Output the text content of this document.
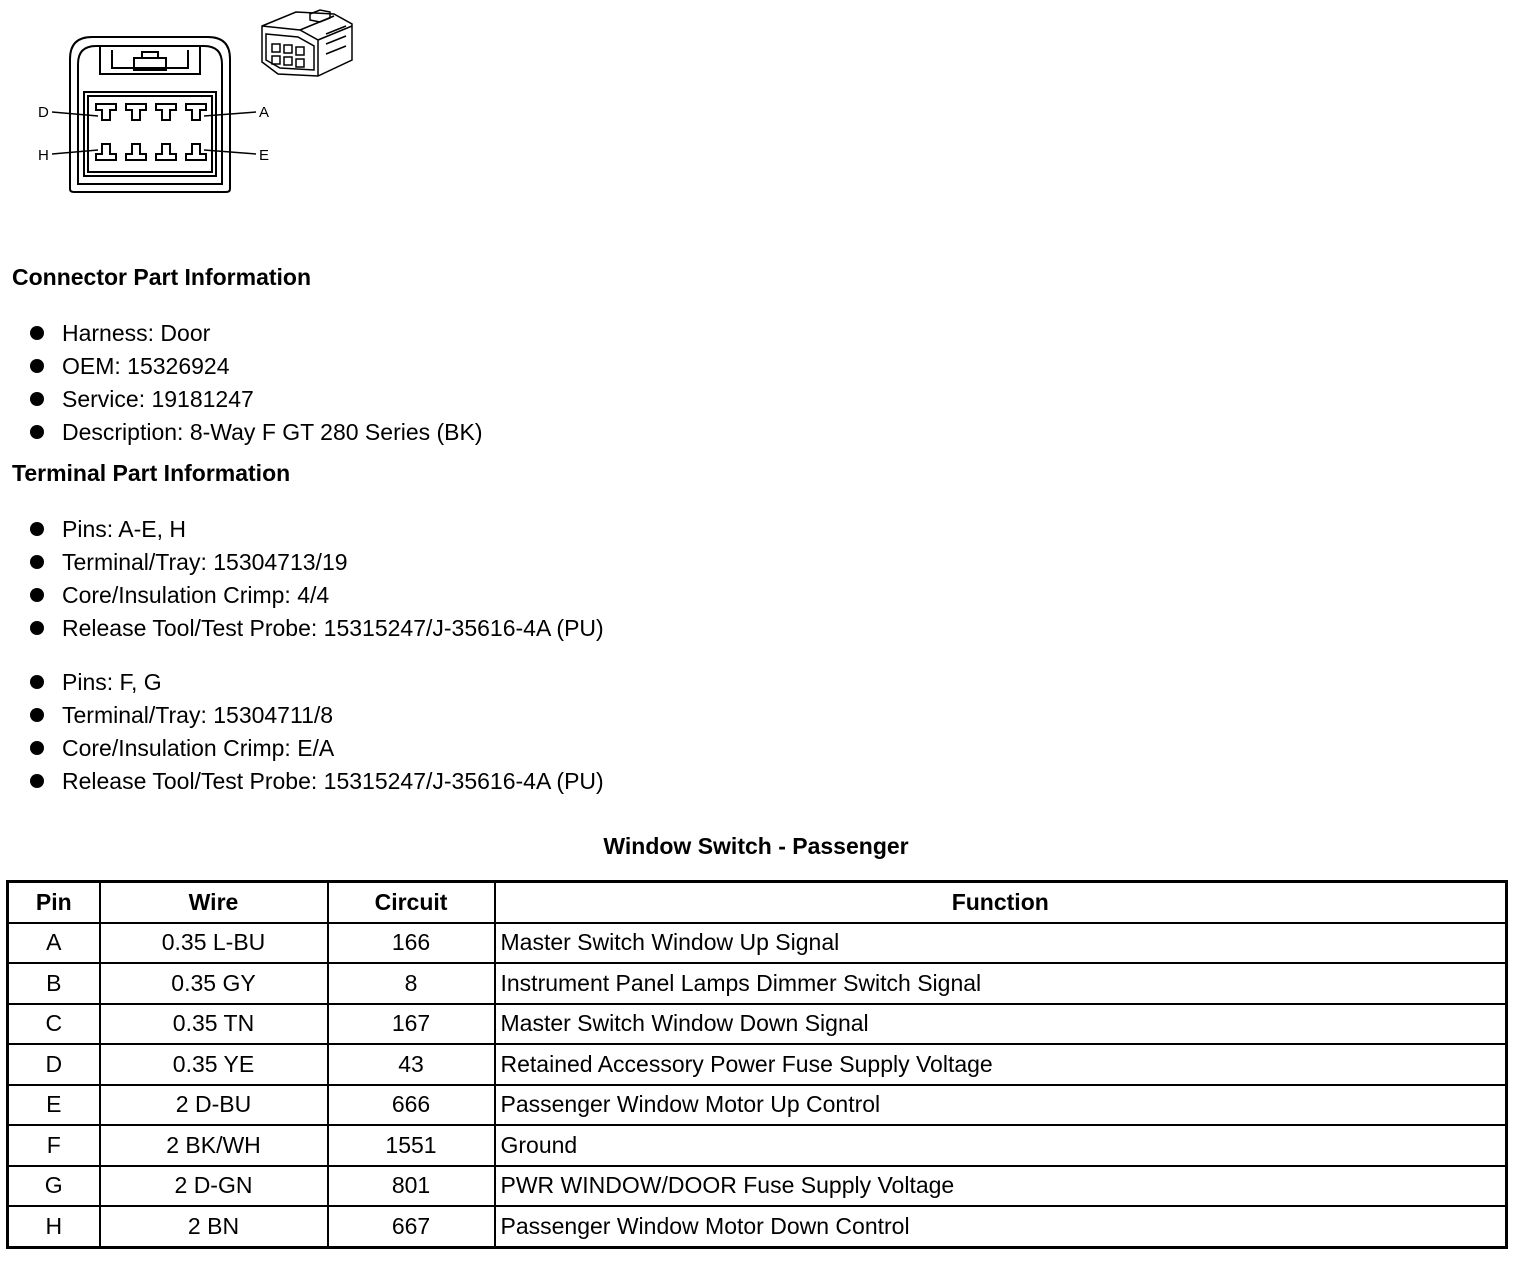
D	A
H	E
Connector Part Information
Harness: Door
OEM: 15326924
Service: 19181247
Description: 8-Way F GT 280 Series (BK)
Terminal Part Information
Pins: A-E, H
Terminal/Tray: 15304713/19
Core/Insulation Crimp: 4/4
Release Tool/Test Probe: 15315247/J-35616-4A (PU)
Pins: F, G
Terminal/Tray: 15304711/8
Core/Insulation Crimp: E/A
Release Tool/Test Probe: 15315247/J-35616-4A (PU)
Window Switch - Passenger
Pin	Wire	Circuit	Function
A	0.35 L-BU	166	Master Switch Window Up Signal
B	0.35 GY	8	Instrument Panel Lamps Dimmer Switch Signal
C	0.35 TN	167	Master Switch Window Down Signal
D	0.35 YE	43	Retained Accessory Power Fuse Supply Voltage
E	2 D-BU	666	Passenger Window Motor Up Control
F	2 BK/WH	1551	Ground
G	2 D-GN	801	PWR WINDOW/DOOR Fuse Supply Voltage
H	2 BN	667	Passenger Window Motor Down Control
